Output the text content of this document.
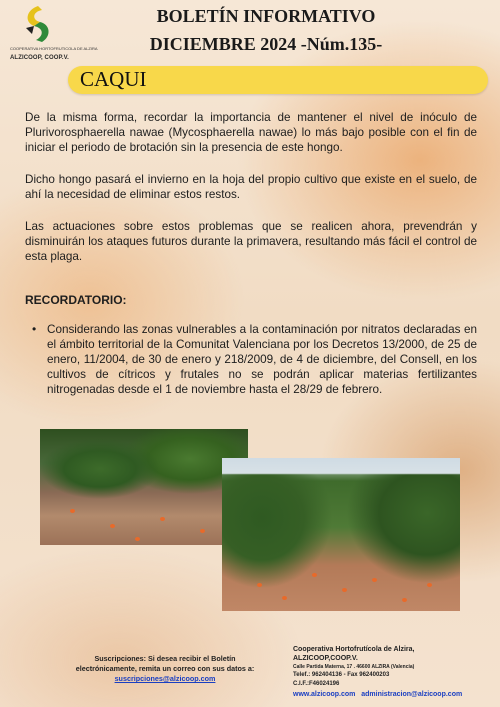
COOPERATIVA HORTOFRUTICOLA DE ALZIRA
ALZICOOP, COOP.V.
BOLETÍN INFORMATIVO
DICIEMBRE 2024 -Núm.135-
CAQUI

De la misma forma, recordar la importancia de mantener el nivel de inóculo de Plurivorosphaerella nawae (Mycosphaerella nawae) lo más bajo posible con el fin de iniciar el periodo de brotación sin la presencia de este hongo.

Dicho hongo pasará el invierno en la hoja del propio cultivo que existe en el suelo, de ahí la necesidad de eliminar estos restos.

Las actuaciones sobre estos problemas que se realicen ahora, prevendrán y disminuirán los ataques futuros durante la primavera, resultando más fácil el control de esta plaga.

RECORDATORIO:
• Considerando las zonas vulnerables a la contaminación por nitratos declaradas en el ámbito territorial de la Comunitat Valenciana por los Decretos 13/2000, de 25 de enero, 11/2004, de 30 de enero y 218/2009, de 4 de diciembre, del Consell, en los cultivos de cítricos y frutales no se podrán aplicar materias fertilizantes nitrogenadas desde el 1 de noviembre hasta el 28/29 de febrero.

Suscripciones: Si desea recibir el Boletín electrónicamente, remita un correo con sus datos a:
suscripciones@alzicoop.com
Cooperativa Hortofrutícola de Alzira,
ALZICOOP,COOP.V.
Calle Partida Materna, 17 . 46600 ALZIRA (Valencia)
Telef.: 962404136 - Fax 962400203
C.I.F.:F46024196
www.alzicoop.com administracion@alzicoop.com
